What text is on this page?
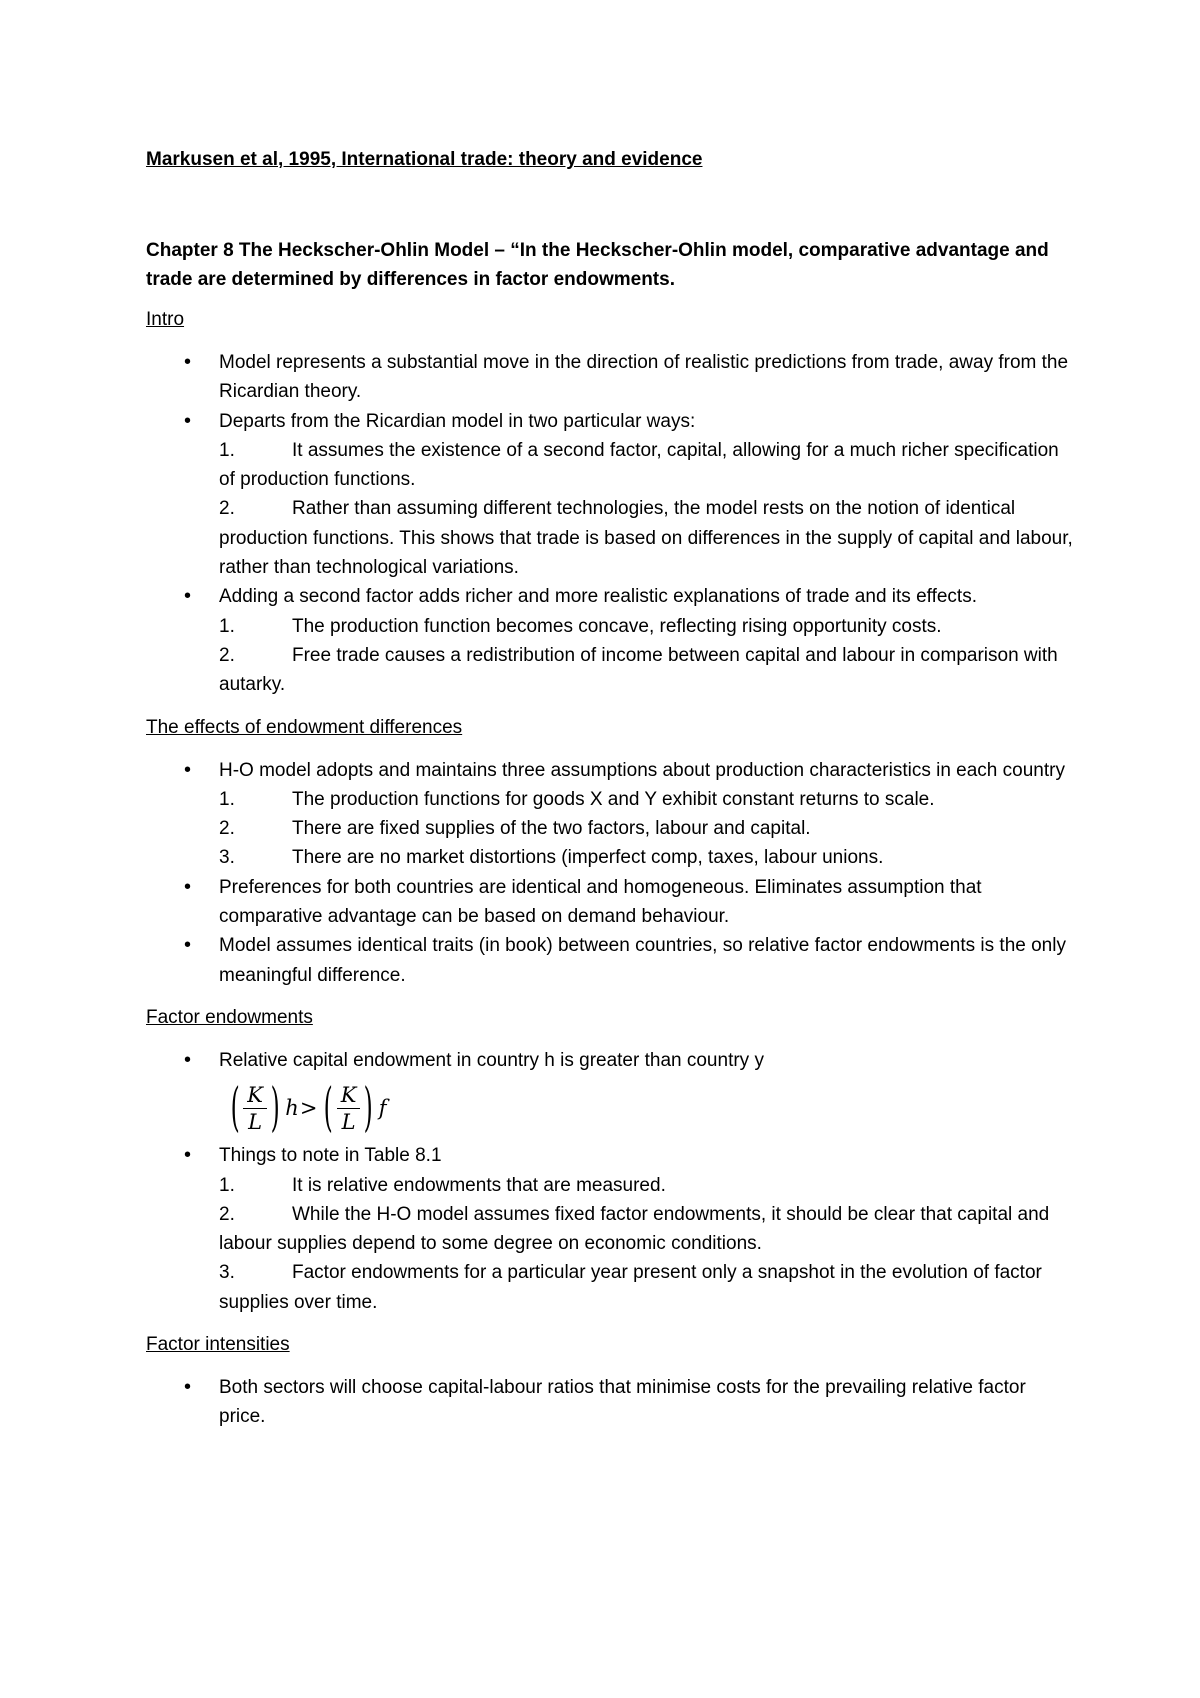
Markusen et al, 1995, International trade: theory and evidence

Chapter 8 The Heckscher-Ohlin Model – “In the Heckscher-Ohlin model, comparative advantage and trade are determined by differences in factor endowments.

Intro

• Model represents a substantial move in the direction of realistic predictions from trade, away from the Ricardian theory.
• Departs from the Ricardian model in two particular ways:
1.	It assumes the existence of a second factor, capital, allowing for a much richer specification of production functions.
2.	Rather than assuming different technologies, the model rests on the notion of identical production functions. This shows that trade is based on differences in the supply of capital and labour, rather than technological variations.
• Adding a second factor adds richer and more realistic explanations of trade and its effects.
1.	The production function becomes concave, reflecting rising opportunity costs.
2.	Free trade causes a redistribution of income between capital and labour in comparison with autarky.

The effects of endowment differences

• H-O model adopts and maintains three assumptions about production characteristics in each country
1.	The production functions for goods X and Y exhibit constant returns to scale.
2.	There are fixed supplies of the two factors, labour and capital.
3.	There are no market distortions (imperfect comp, taxes, labour unions.
• Preferences for both countries are identical and homogeneous. Eliminates assumption that comparative advantage can be based on demand behaviour.
• Model assumes identical traits (in book) between countries, so relative factor endowments is the only meaningful difference.

Factor endowments

• Relative capital endowment in country h is greater than country y
( $\frac{K}{L}$ ) h > ( $\frac{K}{L}$ ) f
• Things to note in Table 8.1
1.	It is relative endowments that are measured.
2.	While the H-O model assumes fixed factor endowments, it should be clear that capital and labour supplies depend to some degree on economic conditions.
3.	Factor endowments for a particular year present only a snapshot in the evolution of factor supplies over time.

Factor intensities

• Both sectors will choose capital-labour ratios that minimise costs for the prevailing relative factor price.
